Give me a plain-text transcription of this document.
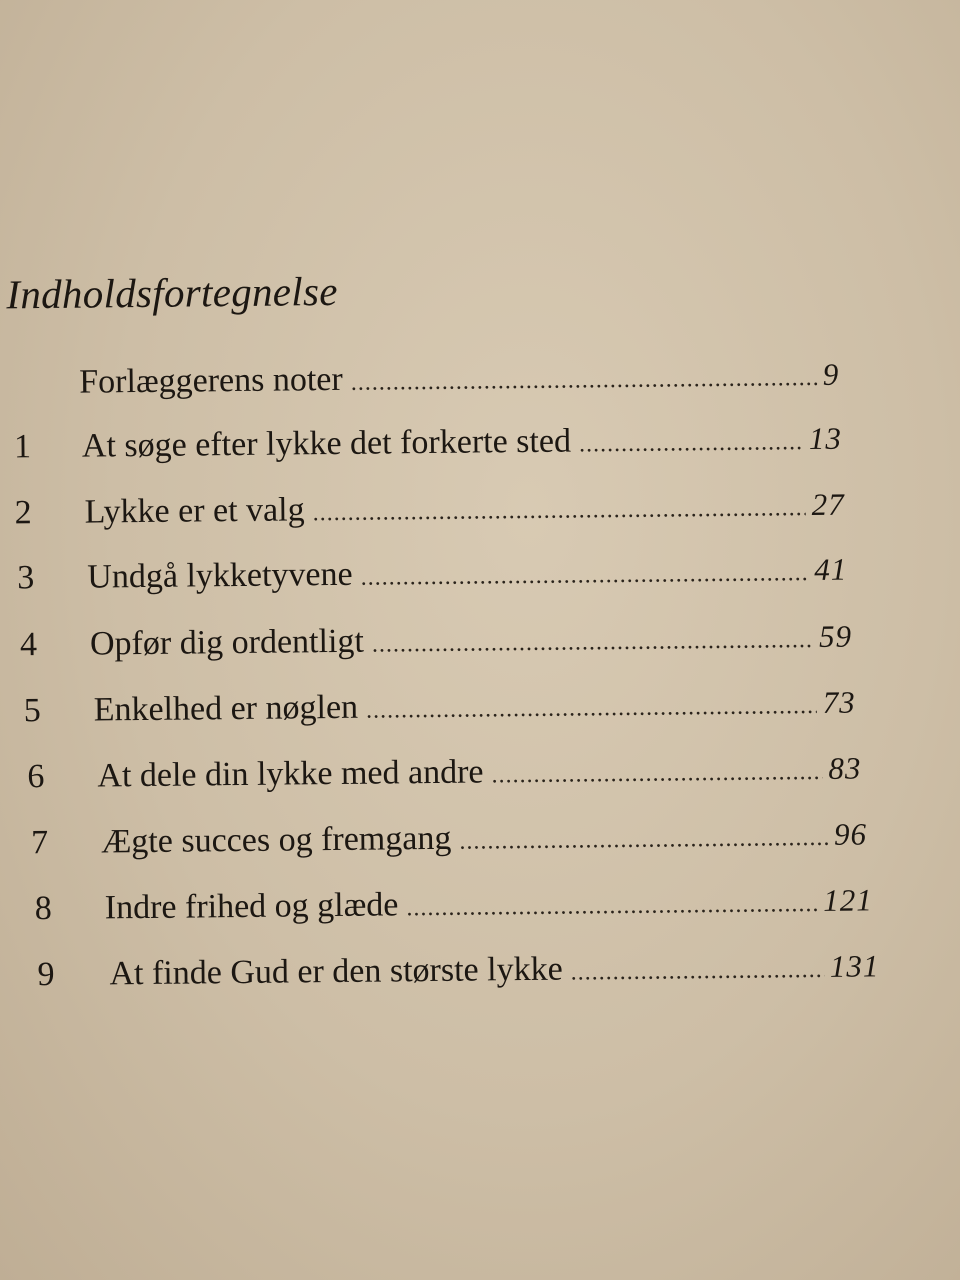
Indholdsfortegnelse
Forlæggerens noter .....	9
1	At søge efter lykke det forkerte sted .....	13
2	Lykke er et valg .....	27
3	Undgå lykketyvene .....	41
4	Opfør dig ordentligt .....	59
5	Enkelhed er nøglen .....	73
6	At dele din lykke med andre .....	83
7	Ægte succes og fremgang .....	96
8	Indre frihed og glæde .....	121
9	At finde Gud er den største lykke .....	131
